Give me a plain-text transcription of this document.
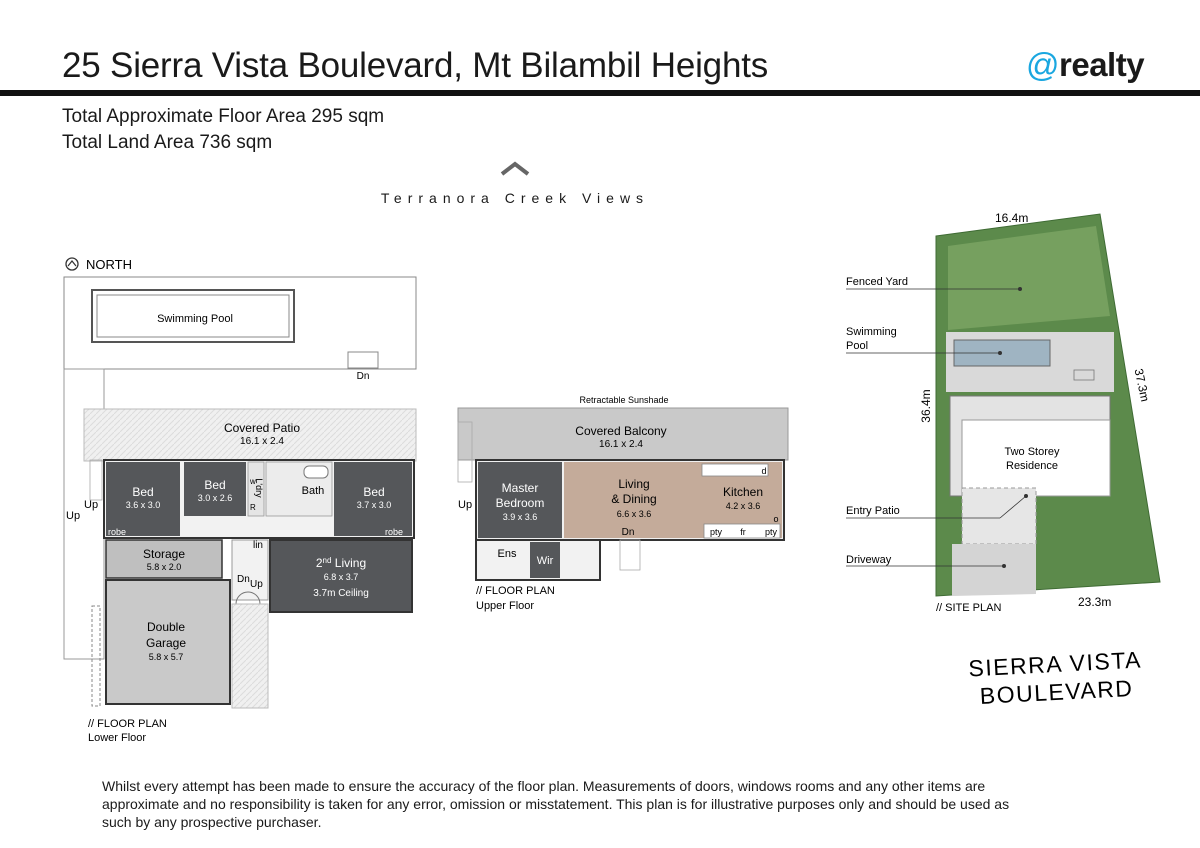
25 Sierra Vista Boulevard, Mt Bilambil Heights	@realty
Total Approximate Floor Area 295 sqm
Total Land Area 736 sqm
Terranora Creek Views
NORTH
Swimming Pool
Dn
Covered Patio
16.1 x 2.4
Bed
3.6 x 3.0
robe
Bed
3.0 x 2.6
L'dry
w
R
Bath	Bed
3.7 x 3.0
robe
Up
Up
Storage
5.8 x 2.0
Double
Garage
5.8 x 5.7
lin
Dn Up
2nd Living
6.8 x 3.7
3.7m Ceiling
// FLOOR PLAN
Lower Floor
Retractable Sunshade
Covered Balcony
16.1 x 2.4
Up
Master
Bedroom
3.9 x 3.6
Living
& Dining
6.6 x 3.6
Dn
d
Kitchen
4.2 x 3.6
o
pty fr pty
Ens
Wir
// FLOOR PLAN
Upper Floor
Two Storey
Residence
Fenced Yard
Swimming
Pool
Entry Patio
Driveway
16.4m
36.4m
37.3m
23.3m
// SITE PLAN
SIERRA VISTA
BOULEVARD
Whilst every attempt has been made to ensure the accuracy of the floor plan. Measurements of doors, windows rooms and any other items are approximate and no responsibility is taken for any error, omission or misstatement. This plan is for illustrative purposes only and should be used as such by any prospective purchaser.
